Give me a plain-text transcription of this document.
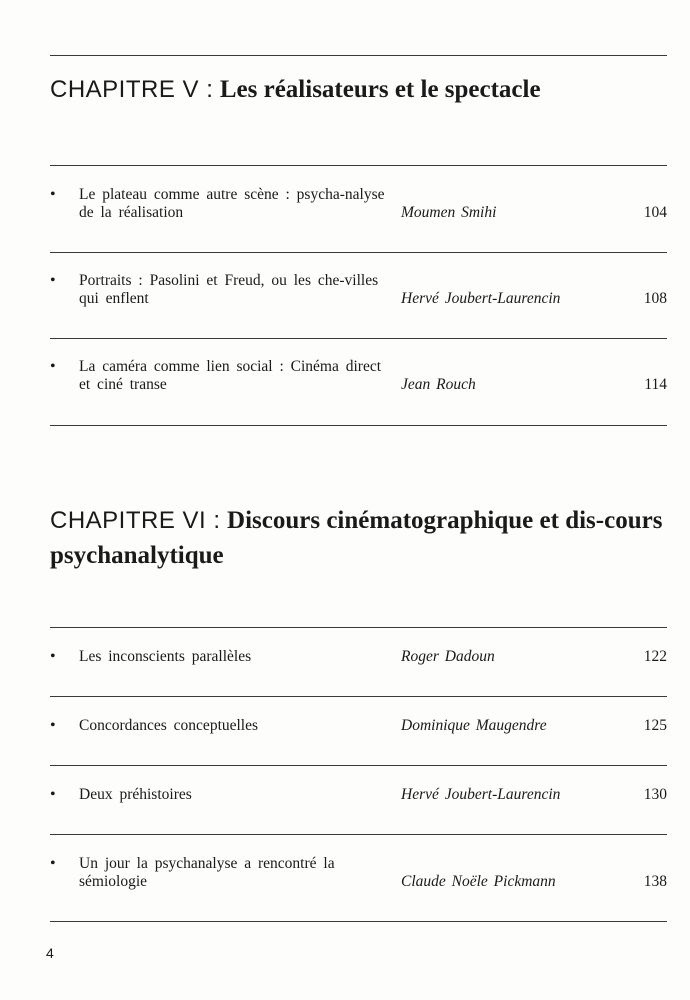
CHAPITRE V : Les réalisateurs et le spectacle
• Le plateau comme autre scène : psycha-nalyse de la réalisation	Moumen Smihi	104
• Portraits : Pasolini et Freud, ou les che-villes qui enflent	Hervé Joubert-Laurencin	108
• La caméra comme lien social : Cinéma direct et ciné transe	Jean Rouch	114
CHAPITRE VI : Discours cinématographique et dis-cours psychanalytique
• Les inconscients parallèles	Roger Dadoun	122
• Concordances conceptuelles	Dominique Maugendre	125
• Deux préhistoires	Hervé Joubert-Laurencin	130
• Un jour la psychanalyse a rencontré la sémiologie	Claude Noële Pickmann	138
4
